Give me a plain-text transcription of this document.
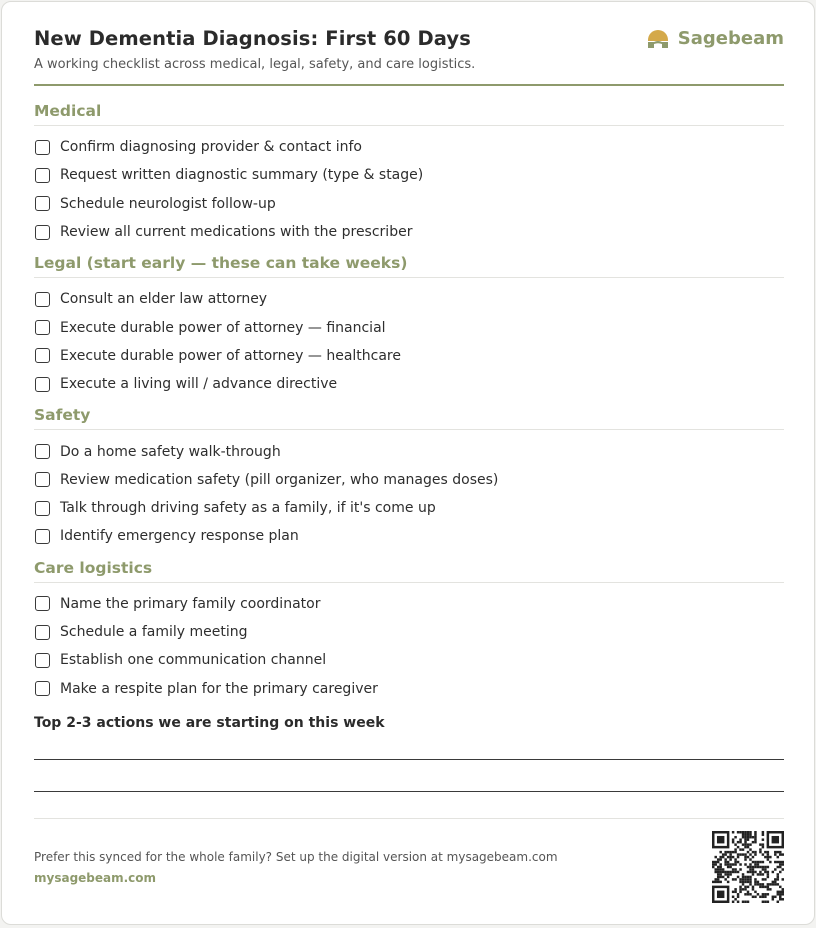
New Dementia Diagnosis: First 60 Days
A working checklist across medical, legal, safety, and care logistics.
Sagebeam
Medical
Confirm diagnosing provider & contact info
Request written diagnostic summary (type & stage)
Schedule neurologist follow-up
Review all current medications with the prescriber
Legal (start early — these can take weeks)
Consult an elder law attorney
Execute durable power of attorney — financial
Execute durable power of attorney — healthcare
Execute a living will / advance directive
Safety
Do a home safety walk-through
Review medication safety (pill organizer, who manages doses)
Talk through driving safety as a family, if it's come up
Identify emergency response plan
Care logistics
Name the primary family coordinator
Schedule a family meeting
Establish one communication channel
Make a respite plan for the primary caregiver
Top 2-3 actions we are starting on this week
Prefer this synced for the whole family? Set up the digital version at mysagebeam.com
mysagebeam.com
